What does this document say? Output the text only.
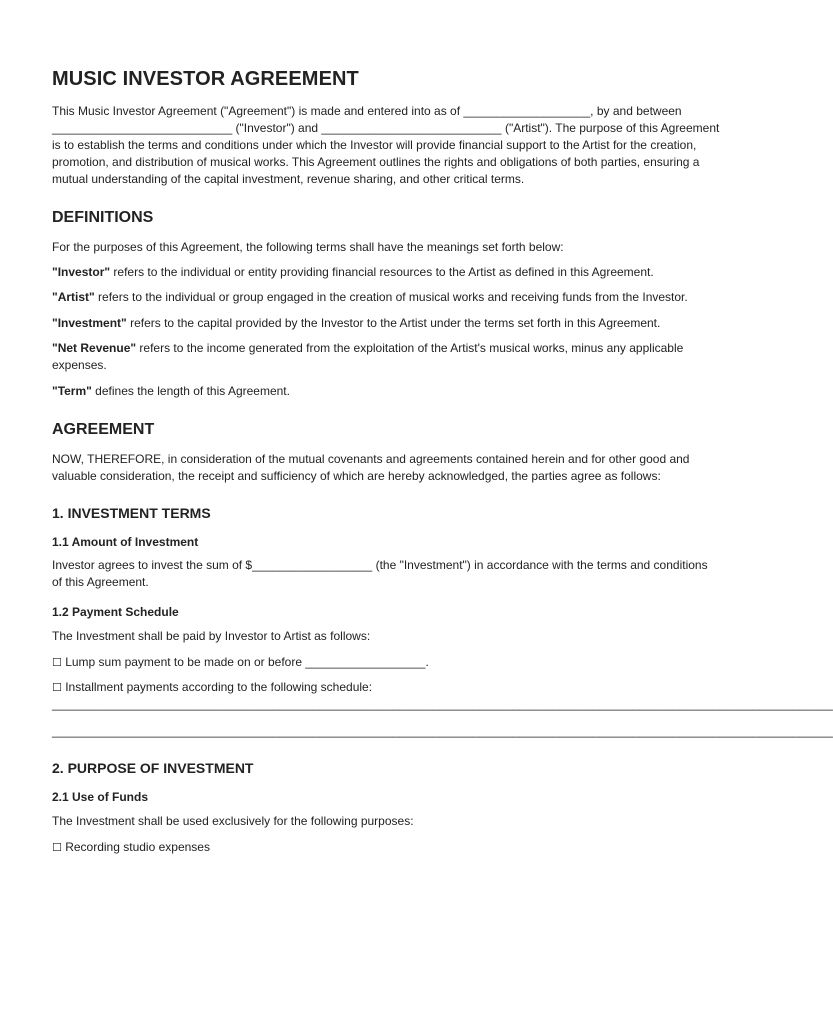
MUSIC INVESTOR AGREEMENT

This Music Investor Agreement ("Agreement") is made and entered into as of ___________________, by and between ___________________________ ("Investor") and ___________________________ ("Artist"). The purpose of this Agreement is to establish the terms and conditions under which the Investor will provide financial support to the Artist for the creation, promotion, and distribution of musical works. This Agreement outlines the rights and obligations of both parties, ensuring a mutual understanding of the capital investment, revenue sharing, and other critical terms.

DEFINITIONS

For the purposes of this Agreement, the following terms shall have the meanings set forth below:

"Investor" refers to the individual or entity providing financial resources to the Artist as defined in this Agreement.

"Artist" refers to the individual or group engaged in the creation of musical works and receiving funds from the Investor.

"Investment" refers to the capital provided by the Investor to the Artist under the terms set forth in this Agreement.

"Net Revenue" refers to the income generated from the exploitation of the Artist's musical works, minus any applicable expenses.

"Term" defines the length of this Agreement.

AGREEMENT

NOW, THEREFORE, in consideration of the mutual covenants and agreements contained herein and for other good and valuable consideration, the receipt and sufficiency of which are hereby acknowledged, the parties agree as follows:

1. INVESTMENT TERMS
1.1 Amount of Investment

Investor agrees to invest the sum of $__________________ (the "Investment") in accordance with the terms and conditions of this Agreement.

1.2 Payment Schedule

The Investment shall be paid by Investor to Artist as follows:

☐ Lump sum payment to be made on or before __________________.

☐ Installment payments according to the following schedule:

_____________________________________________________________________________________________________________________

_____________________________________________________________________________________________________________________

2. PURPOSE OF INVESTMENT
2.1 Use of Funds

The Investment shall be used exclusively for the following purposes:

☐ Recording studio expenses
